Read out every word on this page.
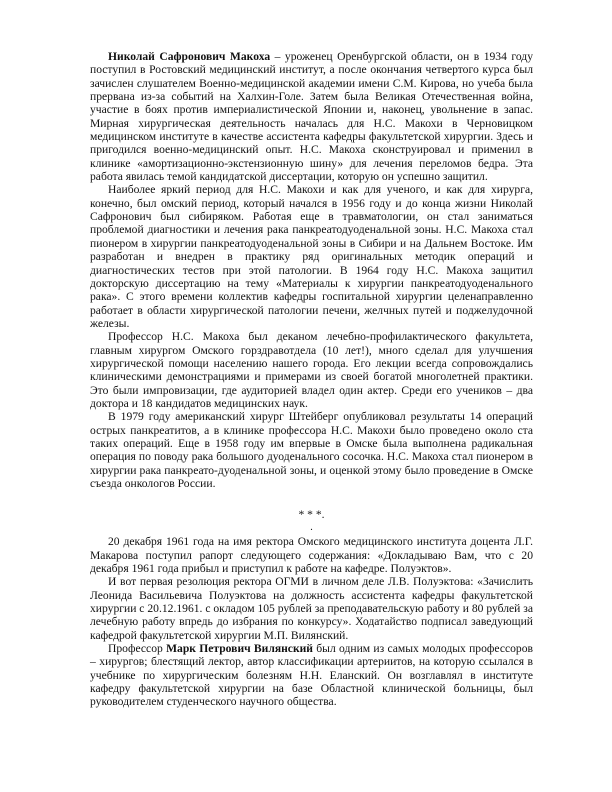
Николай Сафронович Макоха – уроженец Оренбургской области, он в 1934 году поступил в Ростовский медицинский институт, а после окончания четвертого курса был зачислен слушателем Военно-медицинской академии имени С.М. Кирова, но учеба была прервана из-за событий на Халхин-Голе. Затем была Великая Отечественная война, участие в боях против империалистической Японии и, наконец, увольнение в запас. Мирная хирургическая деятельность началась для Н.С. Макохи в Черновицком медицинском институте в качестве ассистента кафедры факультетской хирургии. Здесь и пригодился военно-медицинский опыт. Н.С. Макоха сконструировал и применил в клинике «амортизационно-экстензионную шину» для лечения переломов бедра. Эта работа явилась темой кандидатской диссертации, которую он успешно защитил.

Наиболее яркий период для Н.С. Макохи и как для ученого, и как для хирурга, конечно, был омский период, который начался в 1956 году и до конца жизни Николай Сафронович был сибиряком. Работая еще в травматологии, он стал заниматься проблемой диагностики и лечения рака панкреатодуоденальной зоны. Н.С. Макоха стал пионером в хирургии панкреатодуоденальной зоны в Сибири и на Дальнем Востоке. Им разработан и внедрен в практику ряд оригинальных методик операций и диагностических тестов при этой патологии. В 1964 году Н.С. Макоха защитил докторскую диссертацию на тему «Материалы к хирургии панкреатодуоденального рака». С этого времени коллектив кафедры госпитальной хирургии целенаправленно работает в области хирургической патологии печени, желчных путей и поджелудочной железы.

Профессор Н.С. Макоха был деканом лечебно-профилактического факультета, главным хирургом Омского горздравотдела (10 лет!), много сделал для улучшения хирургической помощи населению нашего города. Его лекции всегда сопровождались клиническими демонстрациями и примерами из своей богатой многолетней практики. Это были импровизации, где аудиторией владел один актер. Среди его учеников – два доктора и 18 кандидатов медицинских наук.

В 1979 году американский хирург Штейберг опубликовал результаты 14 операций острых панкреатитов, а в клинике профессора Н.С. Макохи было проведено около ста таких операций. Еще в 1958 году им впервые в Омске была выполнена радикальная операция по поводу рака большого дуоденального сосочка. Н.С. Макоха стал пионером в хирургии рака панкреато-дуоденальной зоны, и оценкой этому было проведение в Омске съезда онкологов России.

* * *.

.

20 декабря 1961 года на имя ректора Омского медицинского института доцента Л.Г. Макарова поступил рапорт следующего содержания: «Докладываю Вам, что с 20 декабря 1961 года прибыл и приступил к работе на кафедре. Полуэктов».

И вот первая резолюция ректора ОГМИ в личном деле Л.В. Полуэктова: «Зачислить Леонида Васильевича Полуэктова на должность ассистента кафедры факультетской хирургии с 20.12.1961. с окладом 105 рублей за преподавательскую работу и 80 рублей за лечебную работу впредь до избрания по конкурсу». Ходатайство подписал заведующий кафедрой факультетской хирургии М.П. Вилянский.

Профессор Марк Петрович Вилянский был одним из самых молодых профессоров – хирургов; блестящий лектор, автор классификации артериитов, на которую ссылался в учебнике по хирургическим болезням Н.Н. Еланский. Он возглавлял в институте кафедру факультетской хирургии на базе Областной клинической больницы, был руководителем студенческого научного общества.
